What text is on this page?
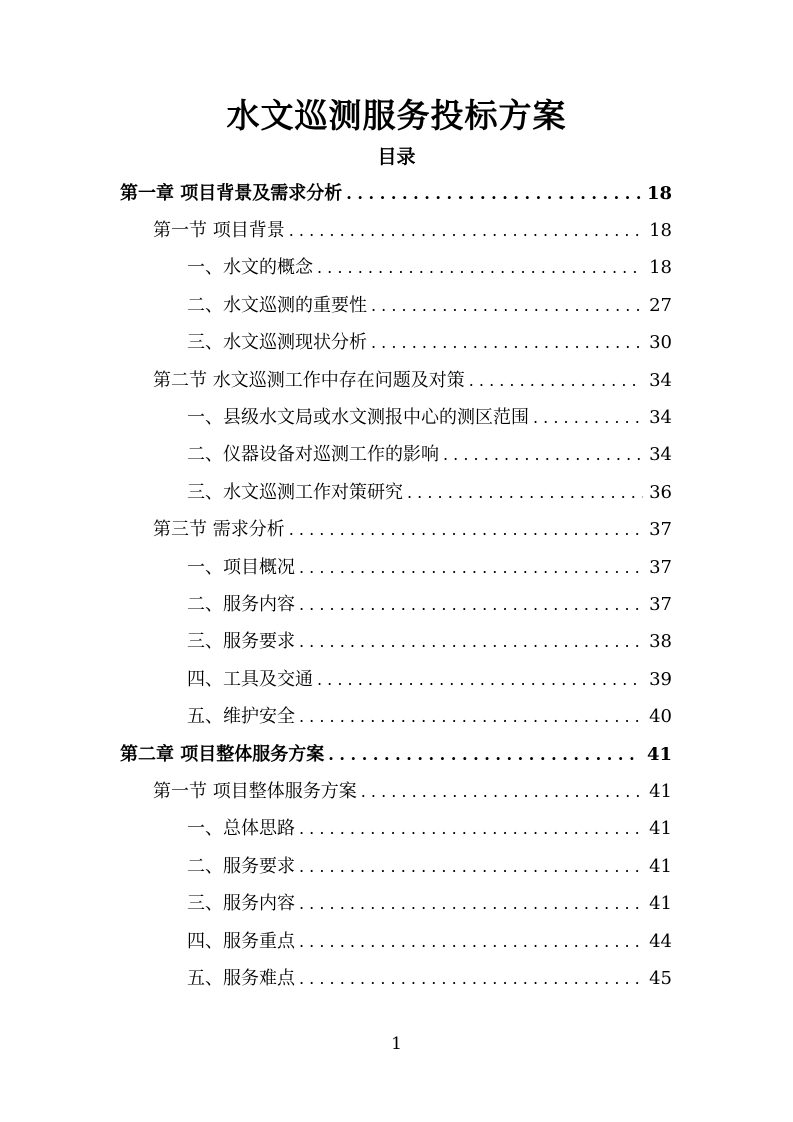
水文巡测服务投标方案
目录
第一章 项目背景及需求分析 . . .	18
第一节 项目背景 . . .	18
一、水文的概念 . . .	18
二、水文巡测的重要性 . . .	27
三、水文巡测现状分析 . . .	30
第二节 水文巡测工作中存在问题及对策 . . .	34
一、县级水文局或水文测报中心的测区范围 . . .	34
二、仪器设备对巡测工作的影响 . . .	34
三、水文巡测工作对策研究 . . .	36
第三节 需求分析 . . .	37
一、项目概况 . . .	37
二、服务内容 . . .	37
三、服务要求 . . .	38
四、工具及交通 . . .	39
五、维护安全 . . .	40
第二章 项目整体服务方案 . . .	41
第一节 项目整体服务方案 . . .	41
一、总体思路 . . .	41
二、服务要求 . . .	41
三、服务内容 . . .	41
四、服务重点 . . .	44
五、服务难点 . . .	45
1
